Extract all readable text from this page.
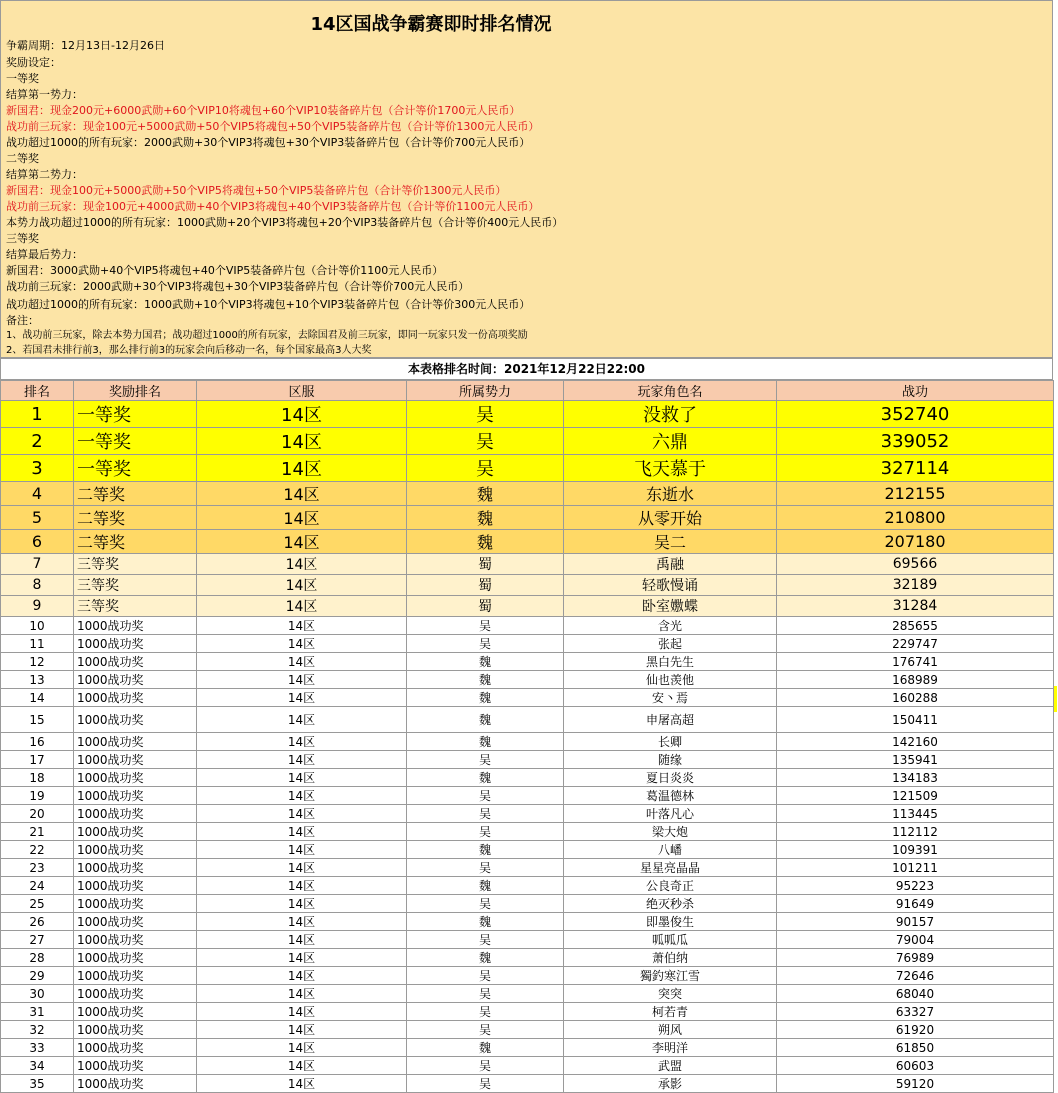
14区国战争霸赛即时排名情况
争霸周期：12月13日-12月26日
奖励设定：
一等奖
结算第一势力：
新国君：现金200元+6000武勋+60个VIP10将魂包+60个VIP10装备碎片包（合计等价1700元人民币）
战功前三玩家：现金100元+5000武勋+50个VIP5将魂包+50个VIP5装备碎片包（合计等价1300元人民币）
战功超过1000的所有玩家：2000武勋+30个VIP3将魂包+30个VIP3装备碎片包（合计等价700元人民币）
二等奖
结算第二势力：
新国君：现金100元+5000武勋+50个VIP5将魂包+50个VIP5装备碎片包（合计等价1300元人民币）
战功前三玩家：现金100元+4000武勋+40个VIP3将魂包+40个VIP3装备碎片包（合计等价1100元人民币）
本势力战功超过1000的所有玩家：1000武勋+20个VIP3将魂包+20个VIP3装备碎片包（合计等价400元人民币）
三等奖
结算最后势力：
新国君：3000武勋+40个VIP5将魂包+40个VIP5装备碎片包（合计等价1100元人民币）
战功前三玩家：2000武勋+30个VIP3将魂包+30个VIP3装备碎片包（合计等价700元人民币）
战功超过1000的所有玩家：1000武勋+10个VIP3将魂包+10个VIP3装备碎片包（合计等价300元人民币）
备注：
1、战功前三玩家，除去本势力国君；战功超过1000的所有玩家，去除国君及前三玩家，即同一玩家只发一份高项奖励
2、若国君未排行前3，那么排行前3的玩家会向后移动一名，每个国家最高3人大奖
本表格排名时间：2021年12月22日22:00
排名	奖励排名	区服	所属势力	玩家角色名	战功
1	一等奖	14区	吴	没救了	352740
2	一等奖	14区	吴	六鼎	339052
3	一等奖	14区	吴	飞天慕于	327114
4	二等奖	14区	魏	东逝水	212155
5	二等奖	14区	魏	从零开始	210800
6	二等奖	14区	魏	吴二	207180
7	三等奖	14区	蜀	禹融	69566
8	三等奖	14区	蜀	轻歌慢诵	32189
9	三等奖	14区	蜀	卧室嫐蝶	31284
10	1000战功奖	14区	吴	含光	285655
11	1000战功奖	14区	吴	张起	229747
12	1000战功奖	14区	魏	黑白先生	176741
13	1000战功奖	14区	魏	仙也羡他	168989
14	1000战功奖	14区	魏	安丶焉	160288
15	1000战功奖	14区	魏	申屠高超	150411
16	1000战功奖	14区	魏	长卿	142160
17	1000战功奖	14区	吴	随缘	135941
18	1000战功奖	14区	魏	夏日炎炎	134183
19	1000战功奖	14区	吴	葛温德林	121509
20	1000战功奖	14区	吴	叶落凡心	113445
21	1000战功奖	14区	吴	梁大炮	112112
22	1000战功奖	14区	魏	八嶓	109391
23	1000战功奖	14区	吴	星星亮晶晶	101211
24	1000战功奖	14区	魏	公良奇正	95223
25	1000战功奖	14区	吴	绝灭秒杀	91649
26	1000战功奖	14区	魏	即墨俊生	90157
27	1000战功奖	14区	吴	呱呱瓜	79004
28	1000战功奖	14区	魏	萧伯纳	76989
29	1000战功奖	14区	吴	獨釣寒江雪	72646
30	1000战功奖	14区	吴	突突	68040
31	1000战功奖	14区	吴	柯若青	63327
32	1000战功奖	14区	吴	朔风	61920
33	1000战功奖	14区	魏	李明洋	61850
34	1000战功奖	14区	吴	武盟	60603
35	1000战功奖	14区	吴	承影	59120
